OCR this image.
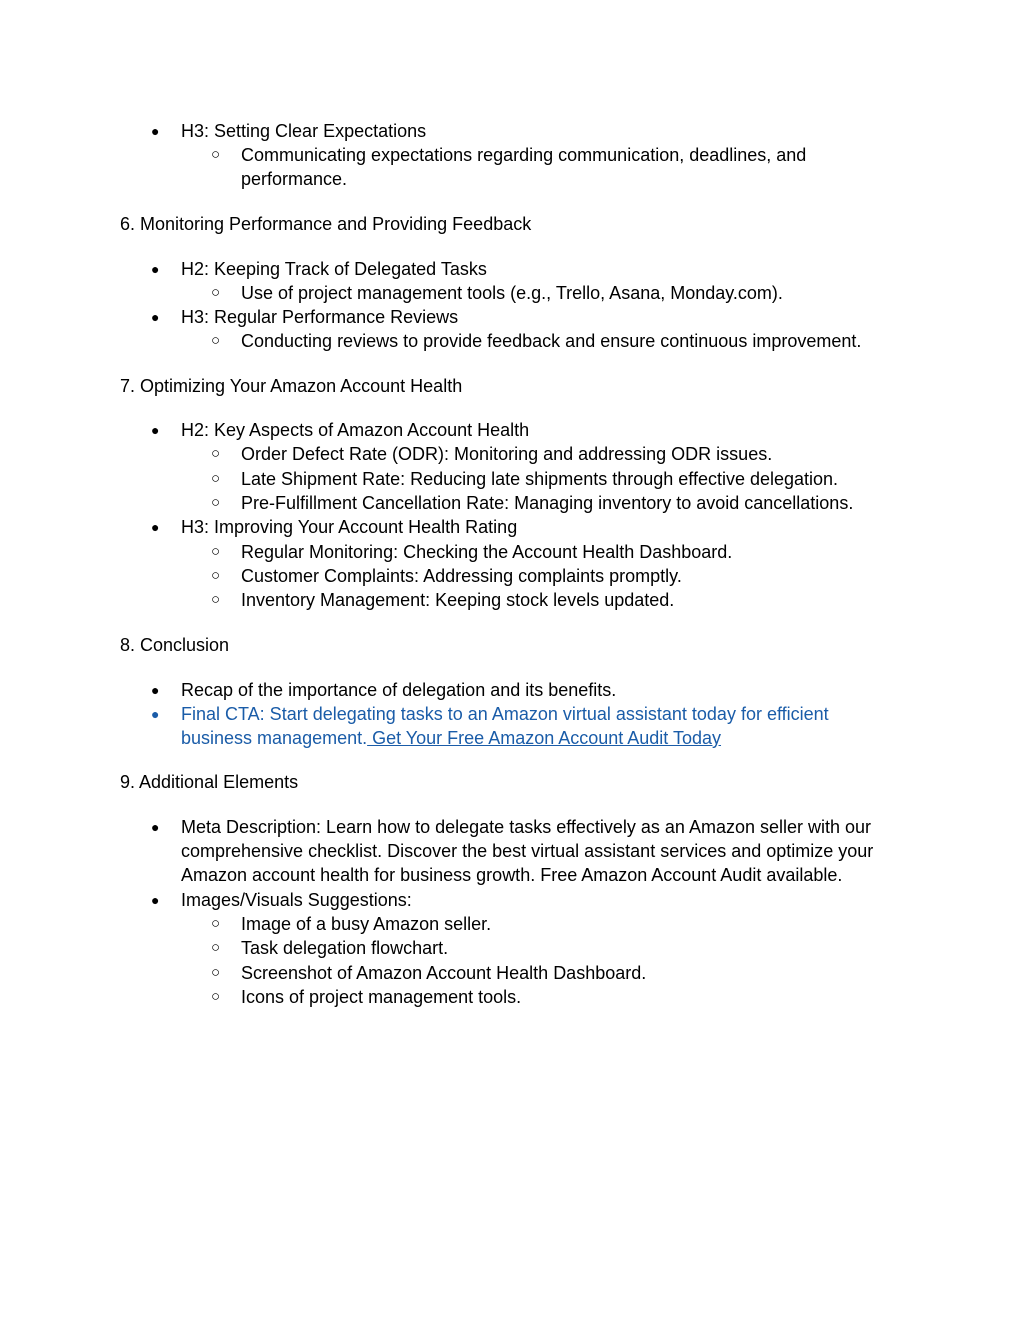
● H3: Setting Clear Expectations
○ Communicating expectations regarding communication, deadlines, and
performance.
6. Monitoring Performance and Providing Feedback
● H2: Keeping Track of Delegated Tasks
○ Use of project management tools (e.g., Trello, Asana, Monday.com).
● H3: Regular Performance Reviews
○ Conducting reviews to provide feedback and ensure continuous improvement.
7. Optimizing Your Amazon Account Health
● H2: Key Aspects of Amazon Account Health
○ Order Defect Rate (ODR): Monitoring and addressing ODR issues.
○ Late Shipment Rate: Reducing late shipments through effective delegation.
○ Pre-Fulfillment Cancellation Rate: Managing inventory to avoid cancellations.
● H3: Improving Your Account Health Rating
○ Regular Monitoring: Checking the Account Health Dashboard.
○ Customer Complaints: Addressing complaints promptly.
○ Inventory Management: Keeping stock levels updated.
8. Conclusion
● Recap of the importance of delegation and its benefits.
● Final CTA: Start delegating tasks to an Amazon virtual assistant today for efficient
business management. Get Your Free Amazon Account Audit Today
9. Additional Elements
● Meta Description: Learn how to delegate tasks effectively as an Amazon seller with our
comprehensive checklist. Discover the best virtual assistant services and optimize your
Amazon account health for business growth. Free Amazon Account Audit available.
● Images/Visuals Suggestions:
○ Image of a busy Amazon seller.
○ Task delegation flowchart.
○ Screenshot of Amazon Account Health Dashboard.
○ Icons of project management tools.
